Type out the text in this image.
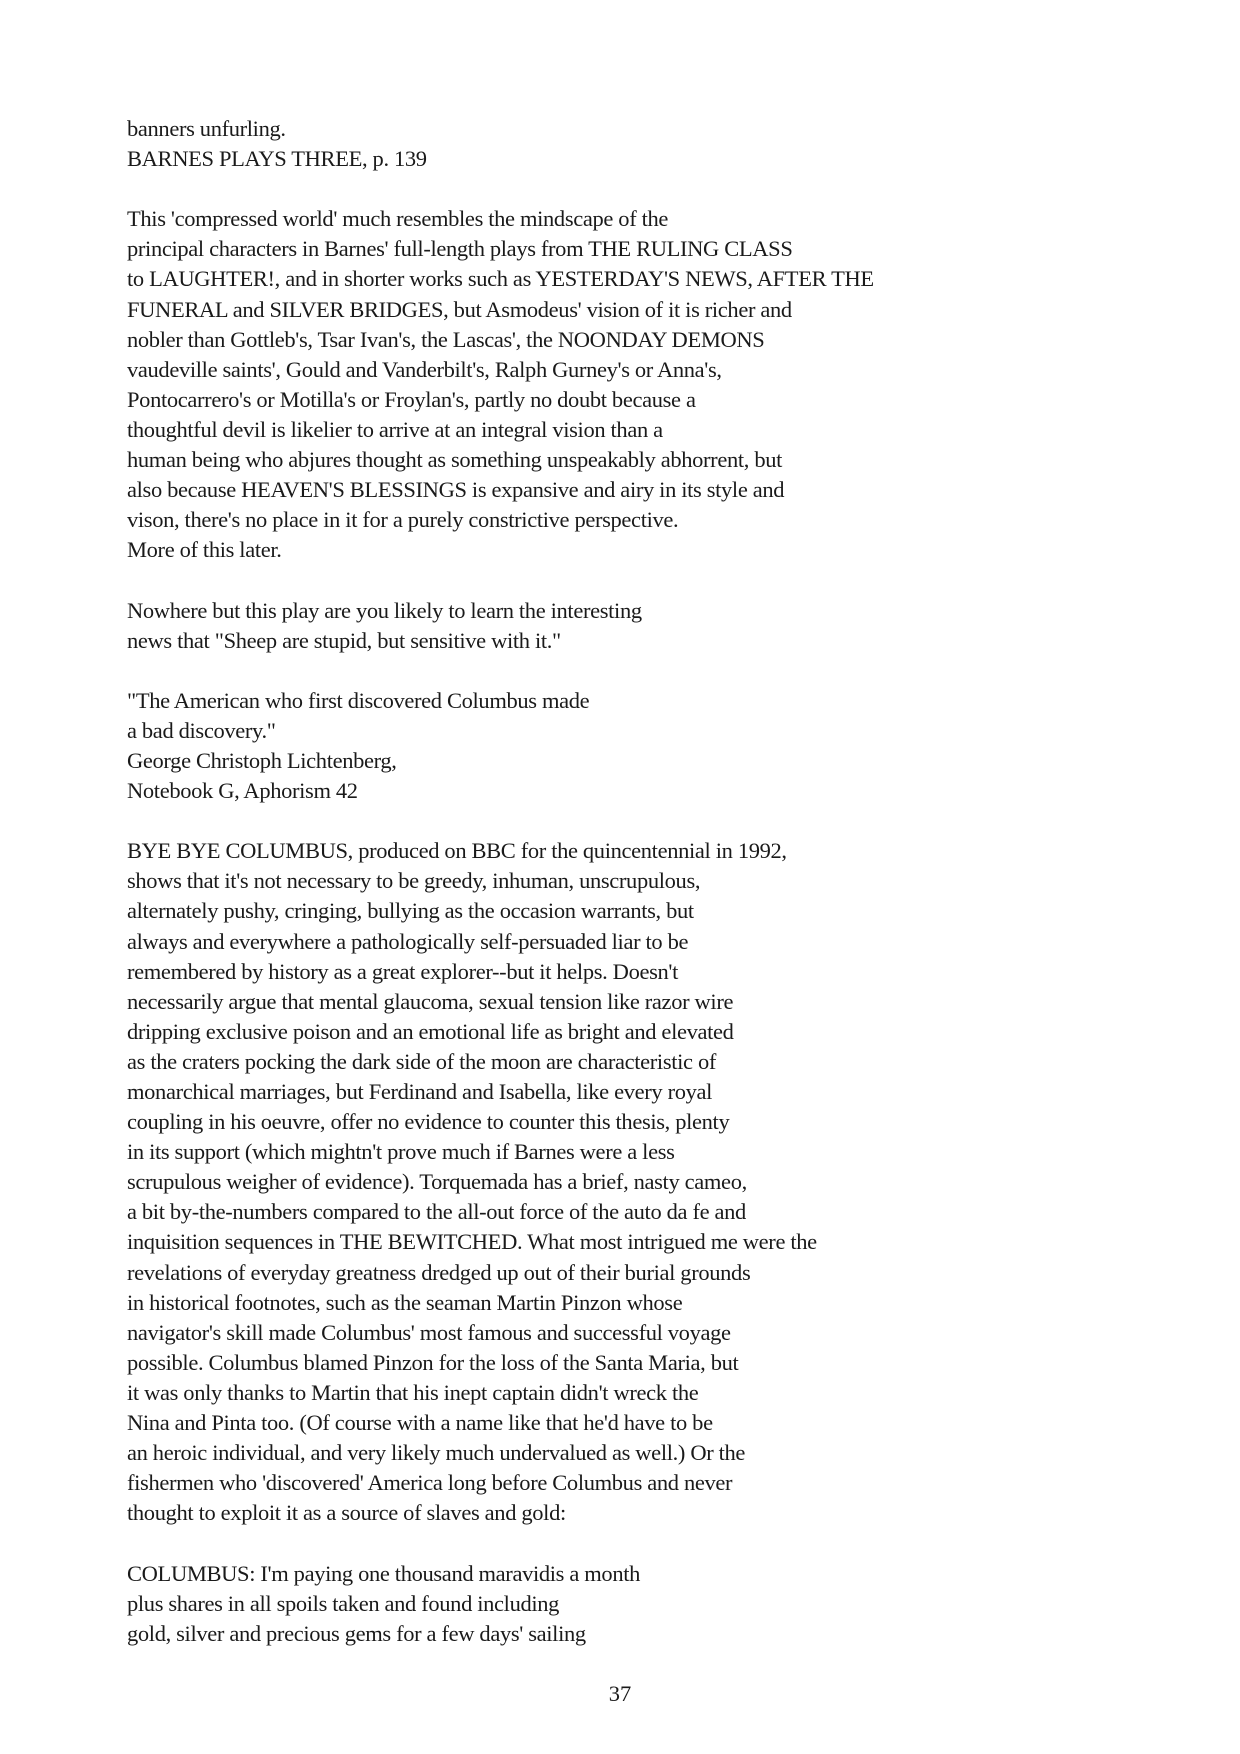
banners unfurling.
BARNES PLAYS THREE, p. 139
This 'compressed world' much resembles the mindscape of the
principal characters in Barnes' full-length plays from THE RULING CLASS
to LAUGHTER!, and in shorter works such as YESTERDAY'S NEWS, AFTER THE
FUNERAL and SILVER BRIDGES, but Asmodeus' vision of it is richer and
nobler than Gottleb's, Tsar Ivan's, the Lascas', the NOONDAY DEMONS
vaudeville saints', Gould and Vanderbilt's, Ralph Gurney's or Anna's,
Pontocarrero's or Motilla's or Froylan's, partly no doubt because a
thoughtful devil is likelier to arrive at an integral vision than a
human being who abjures thought as something unspeakably abhorrent, but
also because HEAVEN'S BLESSINGS is expansive and airy in its style and
vison, there's no place in it for a purely constrictive perspective.
More of this later.
Nowhere but this play are you likely to learn the interesting
news that "Sheep are stupid, but sensitive with it."
"The American who first discovered Columbus made
a bad discovery."
George Christoph Lichtenberg,
Notebook G, Aphorism 42
BYE BYE COLUMBUS, produced on BBC for the quincentennial in 1992,
shows that it's not necessary to be greedy, inhuman, unscrupulous,
alternately pushy, cringing, bullying as the occasion warrants, but
always and everywhere a pathologically self-persuaded liar to be
remembered by history as a great explorer--but it helps. Doesn't
necessarily argue that mental glaucoma, sexual tension like razor wire
dripping exclusive poison and an emotional life as bright and elevated
as the craters pocking the dark side of the moon are characteristic of
monarchical marriages, but Ferdinand and Isabella, like every royal
coupling in his oeuvre, offer no evidence to counter this thesis, plenty
in its support (which mightn't prove much if Barnes were a less
scrupulous weigher of evidence). Torquemada has a brief, nasty cameo,
a bit by-the-numbers compared to the all-out force of the auto da fe and
inquisition sequences in THE BEWITCHED. What most intrigued me were the
revelations of everyday greatness dredged up out of their burial grounds
in historical footnotes, such as the seaman Martin Pinzon whose
navigator's skill made Columbus' most famous and successful voyage
possible. Columbus blamed Pinzon for the loss of the Santa Maria, but
it was only thanks to Martin that his inept captain didn't wreck the
Nina and Pinta too. (Of course with a name like that he'd have to be
an heroic individual, and very likely much undervalued as well.) Or the
fishermen who 'discovered' America long before Columbus and never
thought to exploit it as a source of slaves and gold:
COLUMBUS: I'm paying one thousand maravidis a month
plus shares in all spoils taken and found including
gold, silver and precious gems for a few days' sailing
37
